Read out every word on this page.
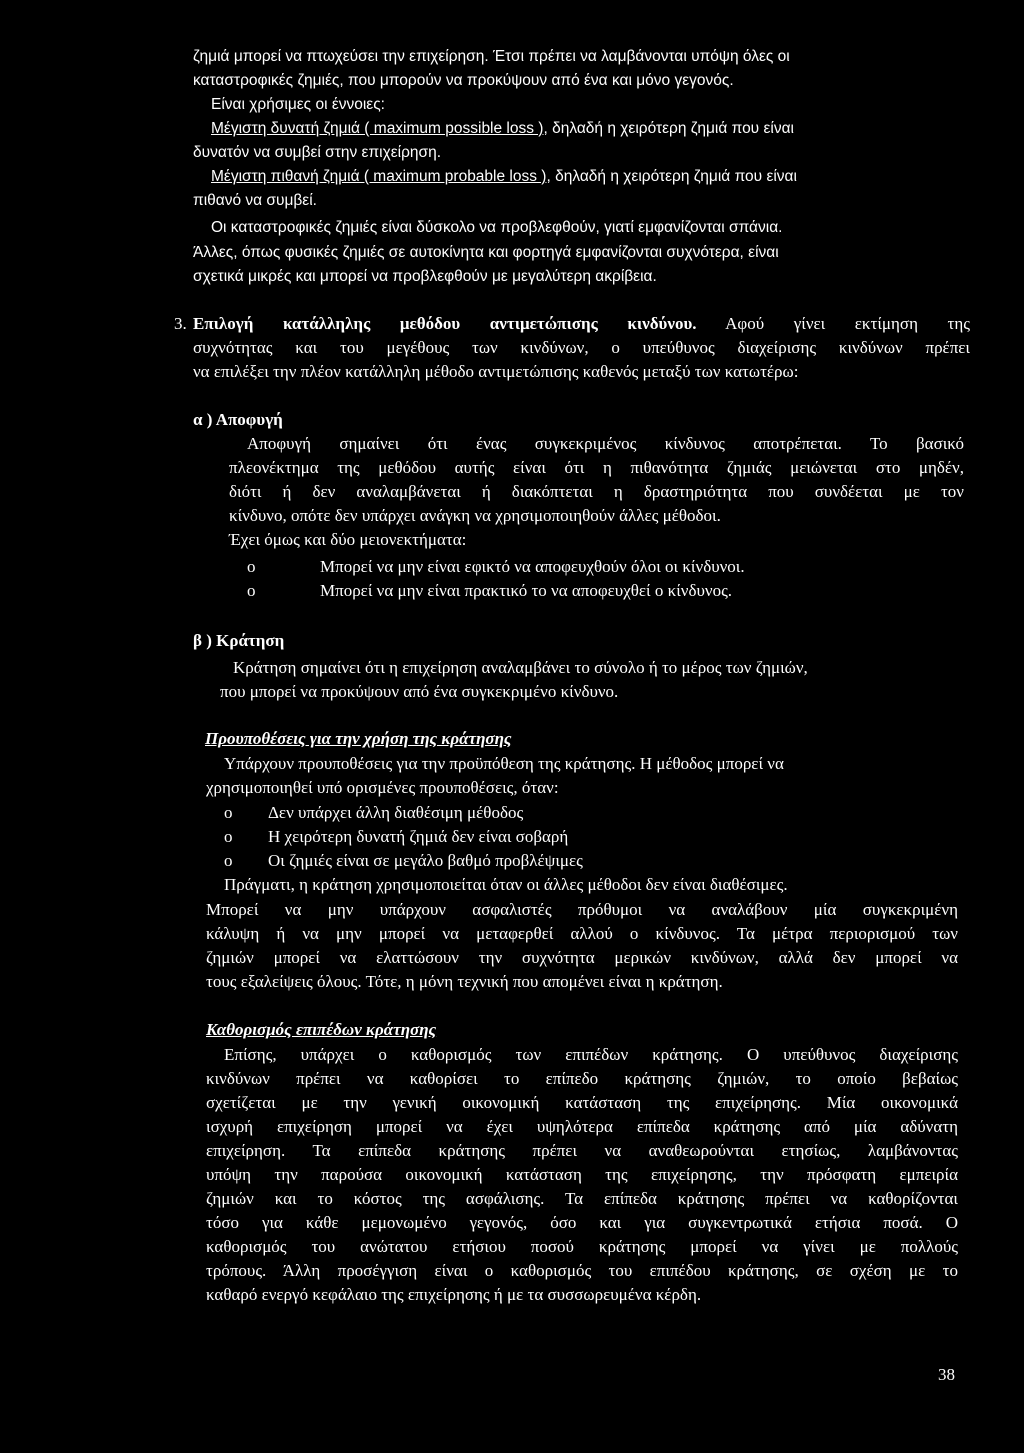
ζημιά μπορεί να πτωχεύσει την επιχείρηση. Έτσι πρέπει να λαμβάνονται υπόψη όλες οι
καταστροφικές ζημιές, που μπορούν να προκύψουν από ένα και μόνο γεγονός.
Είναι χρήσιμες οι έννοιες:
Μέγιστη δυνατή ζημιά ( maximum possible loss ), δηλαδή η χειρότερη ζημιά που είναι
δυνατόν να συμβεί στην επιχείρηση.
Μέγιστη πιθανή ζημιά ( maximum probable loss ), δηλαδή η χειρότερη ζημιά που είναι
πιθανό να συμβεί.
Οι καταστροφικές ζημιές είναι δύσκολο να προβλεφθούν, γιατί εμφανίζονται σπάνια.
Άλλες, όπως φυσικές ζημιές σε αυτοκίνητα και φορτηγά εμφανίζονται συχνότερα, είναι
σχετικά μικρές και μπορεί να προβλεφθούν με μεγαλύτερη ακρίβεια.
3. Επιλογή κατάλληλης μεθόδου αντιμετώπισης κινδύνου. Αφού γίνει εκτίμηση της
συχνότητας και του μεγέθους των κινδύνων, ο υπεύθυνος διαχείρισης κινδύνων πρέπει
να επιλέξει την πλέον κατάλληλη μέθοδο αντιμετώπισης καθενός μεταξύ των κατωτέρω:
α ) Αποφυγή
Αποφυγή σημαίνει ότι ένας συγκεκριμένος κίνδυνος αποτρέπεται. Το βασικό
πλεονέκτημα της μεθόδου αυτής είναι ότι η πιθανότητα ζημιάς μειώνεται στο μηδέν,
διότι ή δεν αναλαμβάνεται ή διακόπτεται η δραστηριότητα που συνδέεται με τον
κίνδυνο, οπότε δεν υπάρχει ανάγκη να χρησιμοποιηθούν άλλες μέθοδοι.
Έχει όμως και δύο μειονεκτήματα:
o	Μπορεί να μην είναι εφικτό να αποφευχθούν όλοι οι κίνδυνοι.
o	Μπορεί να μην είναι πρακτικό το να αποφευχθεί ο κίνδυνος.
β ) Κράτηση
Κράτηση σημαίνει ότι η επιχείρηση αναλαμβάνει το σύνολο ή το μέρος των ζημιών,
που μπορεί να προκύψουν από ένα συγκεκριμένο κίνδυνο.
Προυποθέσεις για την χρήση της κράτησης
Υπάρχουν προυποθέσεις για την προϋπόθεση της κράτησης. Η μέθοδος μπορεί να
χρησιμοποιηθεί υπό ορισμένες προυποθέσεις, όταν:
o Δεν υπάρχει άλλη διαθέσιμη μέθοδος
o Η χειρότερη δυνατή ζημιά δεν είναι σοβαρή
o Οι ζημιές είναι σε μεγάλο βαθμό προβλέψιμες
Πράγματι, η κράτηση χρησιμοποιείται όταν οι άλλες μέθοδοι δεν είναι διαθέσιμες.
Μπορεί να μην υπάρχουν ασφαλιστές πρόθυμοι να αναλάβουν μία συγκεκριμένη
κάλυψη ή να μην μπορεί να μεταφερθεί αλλού ο κίνδυνος. Τα μέτρα περιορισμού των
ζημιών μπορεί να ελαττώσουν την συχνότητα μερικών κινδύνων, αλλά δεν μπορεί να
τους εξαλείψεις όλους. Τότε, η μόνη τεχνική που απομένει είναι η κράτηση.
Καθορισμός επιπέδων κράτησης
Επίσης, υπάρχει ο καθορισμός των επιπέδων κράτησης. Ο υπεύθυνος διαχείρισης
κινδύνων πρέπει να καθορίσει το επίπεδο κράτησης ζημιών, το οποίο βεβαίως
σχετίζεται με την γενική οικονομική κατάσταση της επιχείρησης. Μία οικονομικά
ισχυρή επιχείρηση μπορεί να έχει υψηλότερα επίπεδα κράτησης από μία αδύνατη
επιχείρηση. Τα επίπεδα κράτησης πρέπει να αναθεωρούνται ετησίως, λαμβάνοντας
υπόψη την παρούσα οικονομική κατάσταση της επιχείρησης, την πρόσφατη εμπειρία
ζημιών και το κόστος της ασφάλισης. Τα επίπεδα κράτησης πρέπει να καθορίζονται
τόσο για κάθε μεμονωμένο γεγονός, όσο και για συγκεντρωτικά ετήσια ποσά. Ο
καθορισμός του ανώτατου ετήσιου ποσού κράτησης μπορεί να γίνει με πολλούς
τρόπους. Άλλη προσέγγιση είναι ο καθορισμός του επιπέδου κράτησης, σε σχέση με το
καθαρό ενεργό κεφάλαιο της επιχείρησης ή με τα συσσωρευμένα κέρδη.
38
